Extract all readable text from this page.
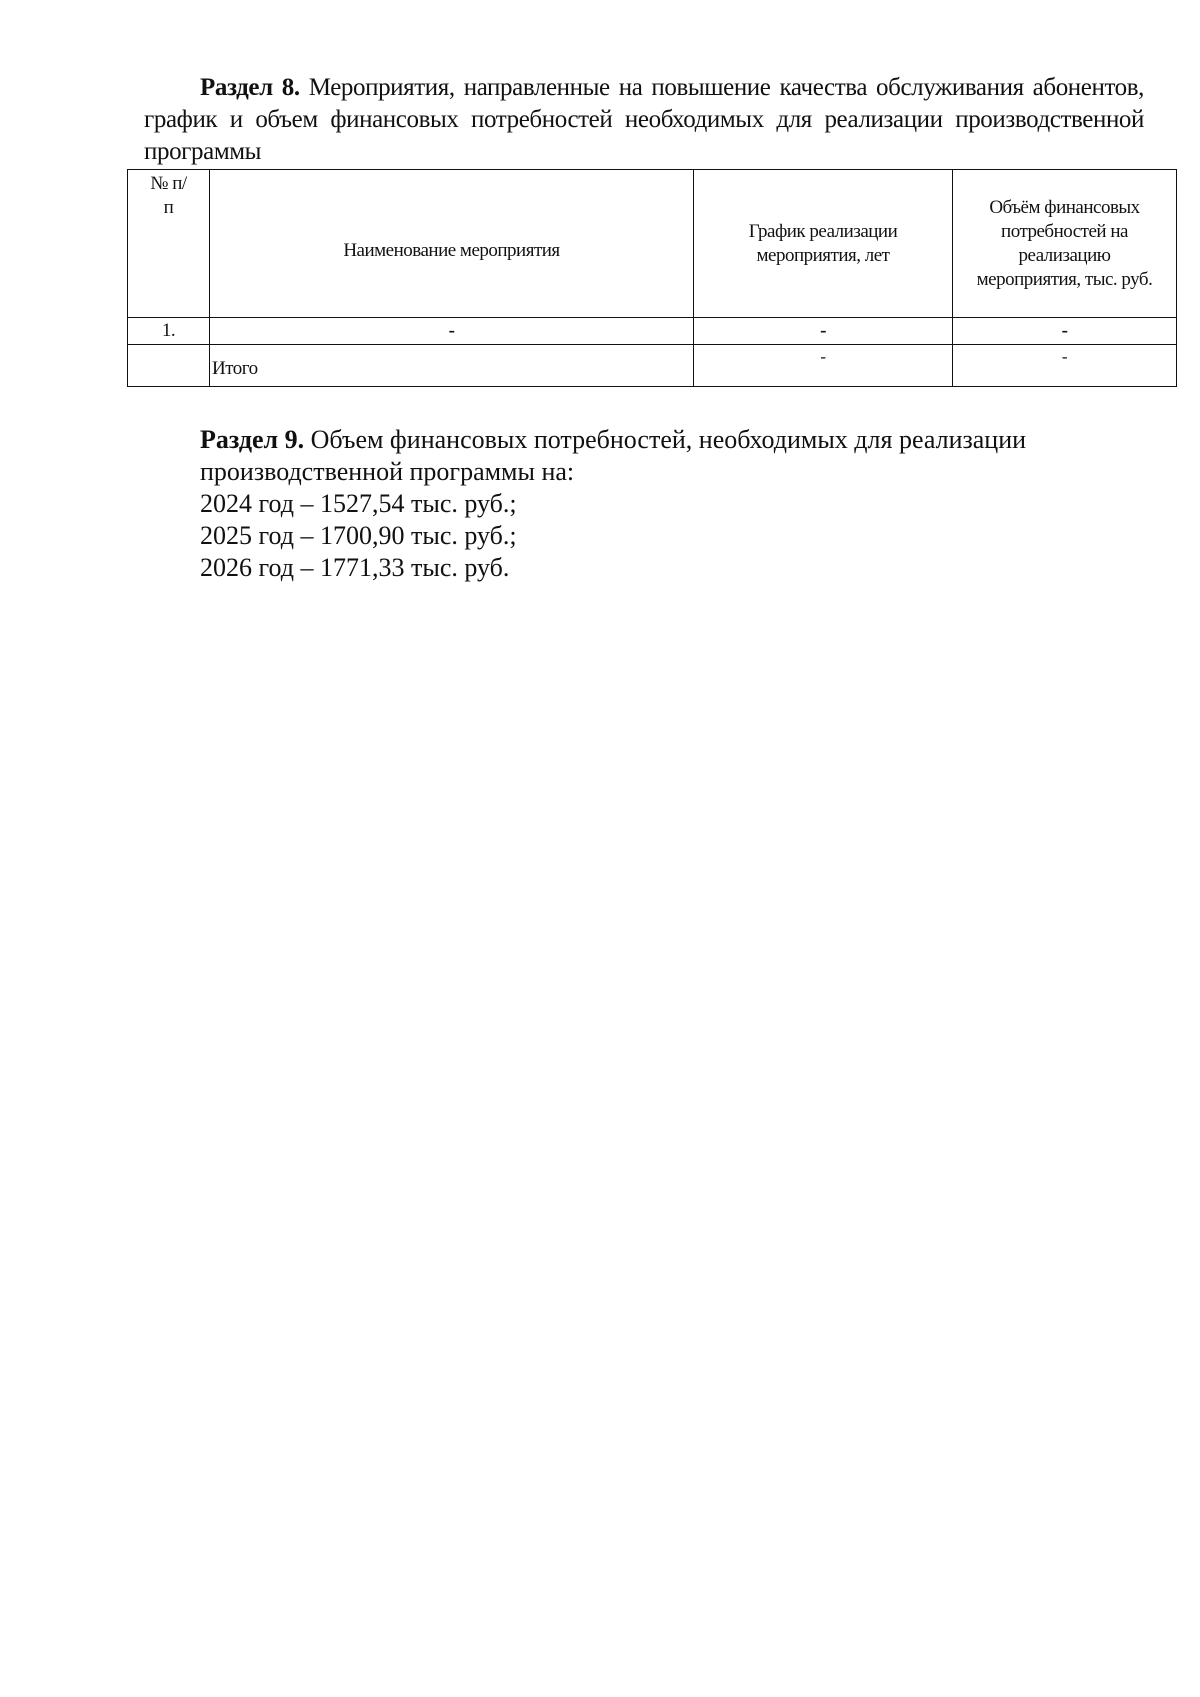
Раздел 8. Мероприятия, направленные на повышение качества обслуживания абонентов, график и объем финансовых потребностей необходимых для реализации производственной программы
№ п/п	Наименование мероприятия	График реализации мероприятия, лет	Объём финансовых потребностей на реализацию мероприятия, тыс. руб.

1.	-	-	-
	Итого	-	-
Раздел 9. Объем финансовых потребностей, необходимых для реализации производственной программы на:
2024 год – 1527,54 тыс. руб.;
2025 год – 1700,90 тыс. руб.;
2026 год – 1771,33 тыс. руб.
